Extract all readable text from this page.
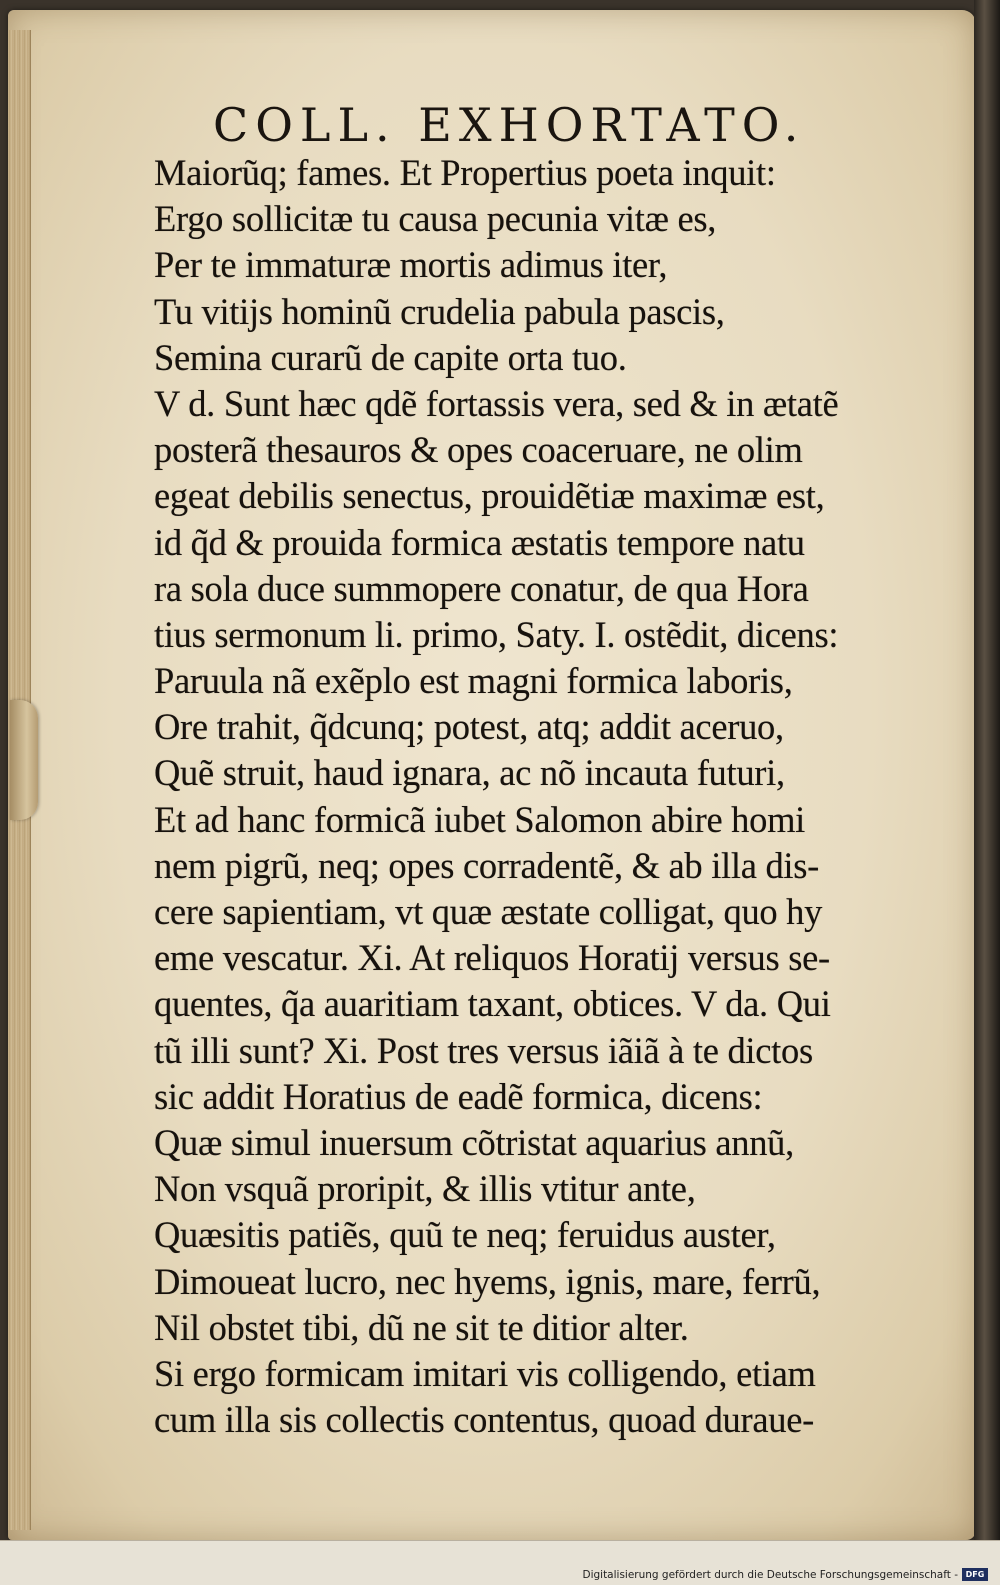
COLL. EXHORTATO.
Maiorũq; fames. Et Propertius poeta inquit:
Ergo sollicitæ tu causa pecunia vitæ es,
Per te immaturæ mortis adimus iter,
Tu vitijs hominũ crudelia pabula pascis,
Semina curarũ de capite orta tuo.
V d. Sunt hæc qdẽ fortassis vera, sed & in ætatẽ
posterã thesauros & opes coaceruare, ne olim
egeat debilis senectus, prouidẽtiæ maximæ est,
id q̃d & prouida formica æstatis tempore natu
ra sola duce summopere conatur, de qua Hora
tius sermonum li. primo, Saty. I. ostẽdit, dicens:
Paruula nã exẽplo est magni formica laboris,
Ore trahit, q̃dcunq; potest, atq; addit aceruo,
Quẽ struit, haud ignara, ac nõ incauta futuri,
Et ad hanc formicã iubet Salomon abire homi
nem pigrũ, neq; opes corradentẽ, & ab illa dis-
cere sapientiam, vt quæ æstate colligat, quo hy
eme vescatur. Xi. At reliquos Horatij versus se-
quentes, q̃a auaritiam taxant, obtices. V da. Qui
tũ illi sunt? Xi. Post tres versus iãiã à te dictos
sic addit Horatius de eadẽ formica, dicens:
Quæ simul inuersum cõtristat aquarius annũ,
Non vsquã proripit, & illis vtitur ante,
Quæsitis patiẽs, quũ te neq; feruidus auster,
Dimoueat lucro, nec hyems, ignis, mare, ferrũ,
Nil obstet tibi, dũ ne sit te ditior alter.
Si ergo formicam imitari vis colligendo, etiam
cum illa sis collectis contentus, quoad duraue-
Digitalisierung gefördert durch die Deutsche Forschungsgemeinschaft - DFG
